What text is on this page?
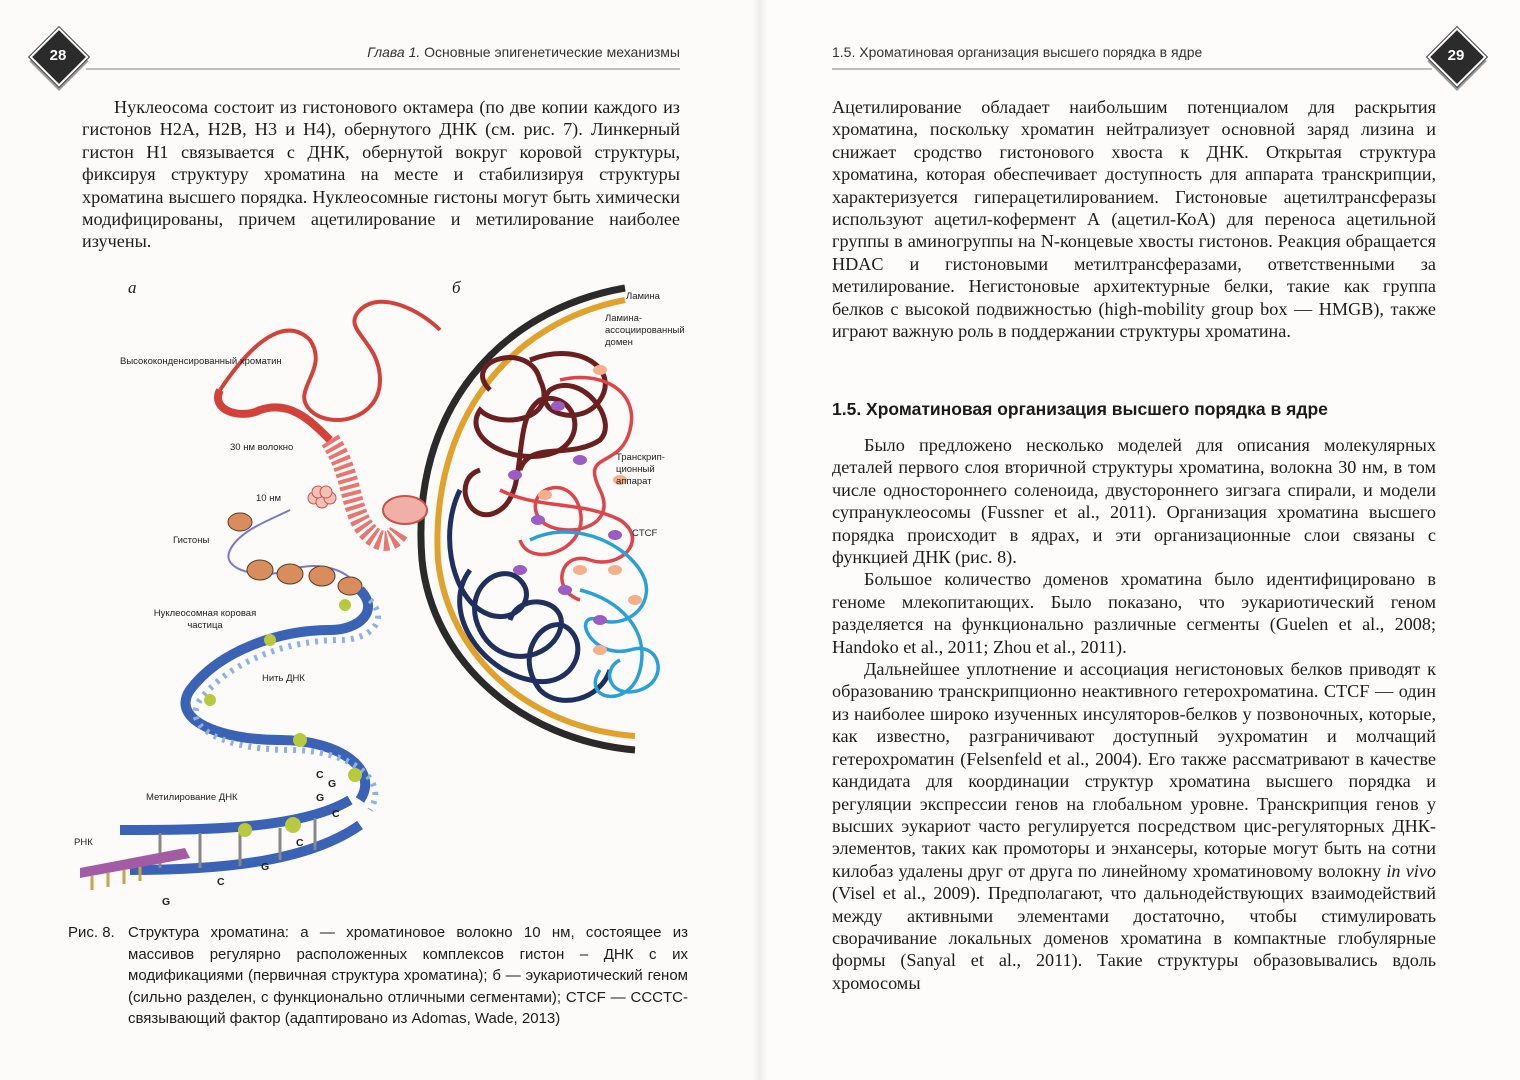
28	Глава 1. Основные эпигенетические механизмы

Нуклеосома состоит из гистонового октамера (по две копии каждого из гистонов Н2А, Н2В, Н3 и Н4), обернутого ДНК (см. рис. 7). Линкерный гистон Н1 связывается с ДНК, обернутой вокруг коровой структуры, фиксируя структуру хроматина на месте и стабилизируя структуры хроматина высшего порядка. Нуклеосомные гистоны могут быть химически модифицированы, причем ацетилирование и метилирование наиболее изучены.

а	б
Высококонденсированный хроматин
30 нм волокно
10 нм
Гистоны
Нуклеосомная коровая
частица
Нить ДНК
Метилирование ДНК
РНК
Ламина
Ламина-
ассоциированный
домен
Транскрип-
ционный
аппарат
CTCF
C
G
C
G
C
G
C
G
Рис. 8. Структура хроматина: а — хроматиновое волокно 10 нм, состоящее из массивов регулярно расположенных комплексов гистон – ДНК с их модификациями (первичная структура хроматина); б — эукариотический геном (сильно разделен, с функционально отличными сегментами); CTCF — CCCTC-связывающий фактор (адаптировано из Adomas, Wade, 2013)
1.5. Хроматиновая организация высшего порядка в ядре	29

Ацетилирование обладает наибольшим потенциалом для раскрытия хроматина, поскольку хроматин нейтрализует основной заряд лизина и снижает сродство гистонового хвоста к ДНК. Открытая структура хроматина, которая обеспечивает доступность для аппарата транскрипции, характеризуется гиперацетилированием. Гистоновые ацетилтрансферазы используют ацетил-кофермент А (ацетил-КоА) для переноса ацетильной группы в аминогруппы на N-концевые хвосты гистонов. Реакция обращается HDAC и гистоновыми метилтрансферазами, ответственными за метилирование. Негистоновые архитектурные белки, такие как группа белков с высокой подвижностью (high-mobility group box — HMGB), также играют важную роль в поддержании структуры хроматина.

1.5. Хроматиновая организация высшего порядка в ядре

Было предложено несколько моделей для описания молекулярных деталей первого слоя вторичной структуры хроматина, волокна 30 нм, в том числе одностороннего соленоида, двустороннего зигзага спирали, и модели супрануклеосомы (Fussner et al., 2011). Организация хроматина высшего порядка происходит в ядрах, и эти организационные слои связаны с функцией ДНК (рис. 8).

Большое количество доменов хроматина было идентифицировано в геноме млекопитающих. Было показано, что эукариотический геном разделяется на функционально различные сегменты (Guelen et al., 2008; Handoko et al., 2011; Zhou et al., 2011).

Дальнейшее уплотнение и ассоциация негистоновых белков приводят к образованию транскрипционно неактивного гетерохроматина. CTCF — один из наиболее широко изученных инсуляторов-белков у позвоночных, которые, как известно, разграничивают доступный эухроматин и молчащий гетерохроматин (Felsenfeld et al., 2004). Его также рассматривают в качестве кандидата для координации структур хроматина высшего порядка и регуляции экспрессии генов на глобальном уровне. Транскрипция генов у высших эукариот часто регулируется посредством цис-регуляторных ДНК-элементов, таких как промоторы и энхансеры, которые могут быть на сотни килобаз удалены друг от друга по линейному хроматиновому волокну in vivo (Visel et al., 2009). Предполагают, что дальнодействующих взаимодействий между активными элементами достаточно, чтобы стимулировать сворачивание локальных доменов хроматина в компактные глобулярные формы (Sanyal et al., 2011). Такие структуры образовывались вдоль хромосомы
